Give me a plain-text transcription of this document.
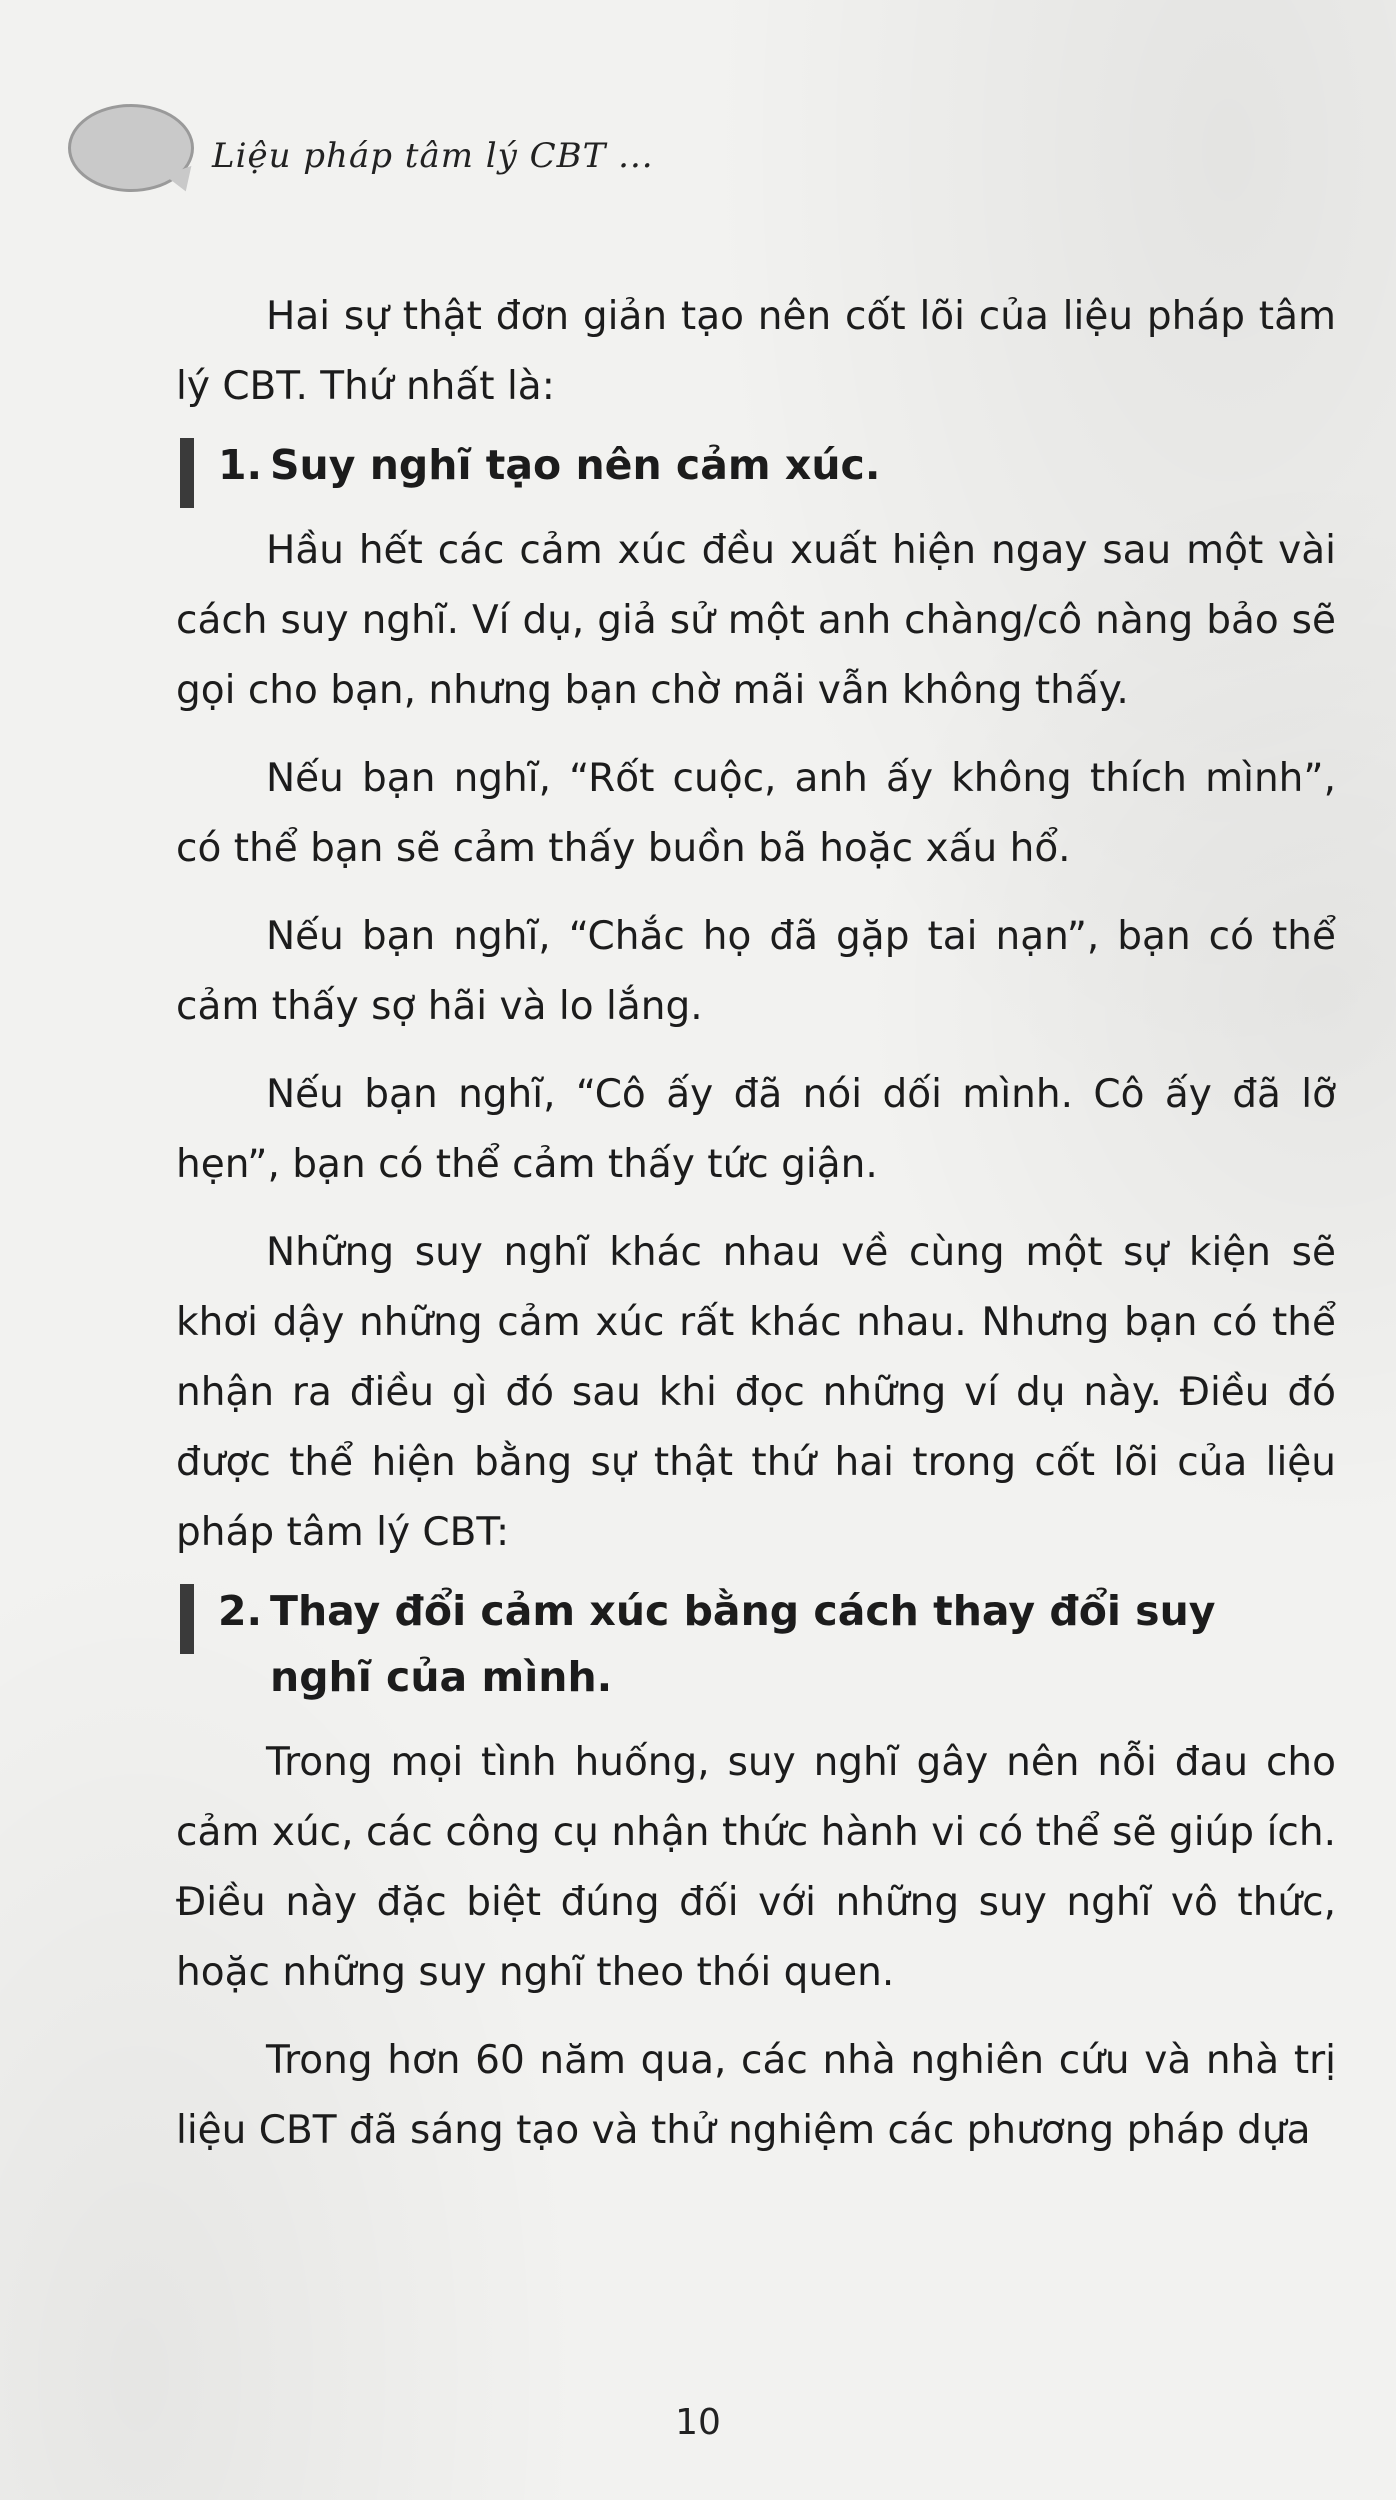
Liệu pháp tâm lý CBT ...

Hai sự thật đơn giản tạo nên cốt lõi của liệu pháp tâm lý CBT. Thứ nhất là:

1. Suy nghĩ tạo nên cảm xúc.

Hầu hết các cảm xúc đều xuất hiện ngay sau một vài cách suy nghĩ. Ví dụ, giả sử một anh chàng/cô nàng bảo sẽ gọi cho bạn, nhưng bạn chờ mãi vẫn không thấy.

Nếu bạn nghĩ, “Rốt cuộc, anh ấy không thích mình”, có thể bạn sẽ cảm thấy buồn bã hoặc xấu hổ.

Nếu bạn nghĩ, “Chắc họ đã gặp tai nạn”, bạn có thể cảm thấy sợ hãi và lo lắng.

Nếu bạn nghĩ, “Cô ấy đã nói dối mình. Cô ấy đã lỡ hẹn”, bạn có thể cảm thấy tức giận.

Những suy nghĩ khác nhau về cùng một sự kiện sẽ khơi dậy những cảm xúc rất khác nhau. Nhưng bạn có thể nhận ra điều gì đó sau khi đọc những ví dụ này. Điều đó được thể hiện bằng sự thật thứ hai trong cốt lõi của liệu pháp tâm lý CBT:

2. Thay đổi cảm xúc bằng cách thay đổi suy nghĩ của mình.

Trong mọi tình huống, suy nghĩ gây nên nỗi đau cho cảm xúc, các công cụ nhận thức hành vi có thể sẽ giúp ích. Điều này đặc biệt đúng đối với những suy nghĩ vô thức, hoặc những suy nghĩ theo thói quen.

Trong hơn 60 năm qua, các nhà nghiên cứu và nhà trị liệu CBT đã sáng tạo và thử nghiệm các phương pháp dựa

10
